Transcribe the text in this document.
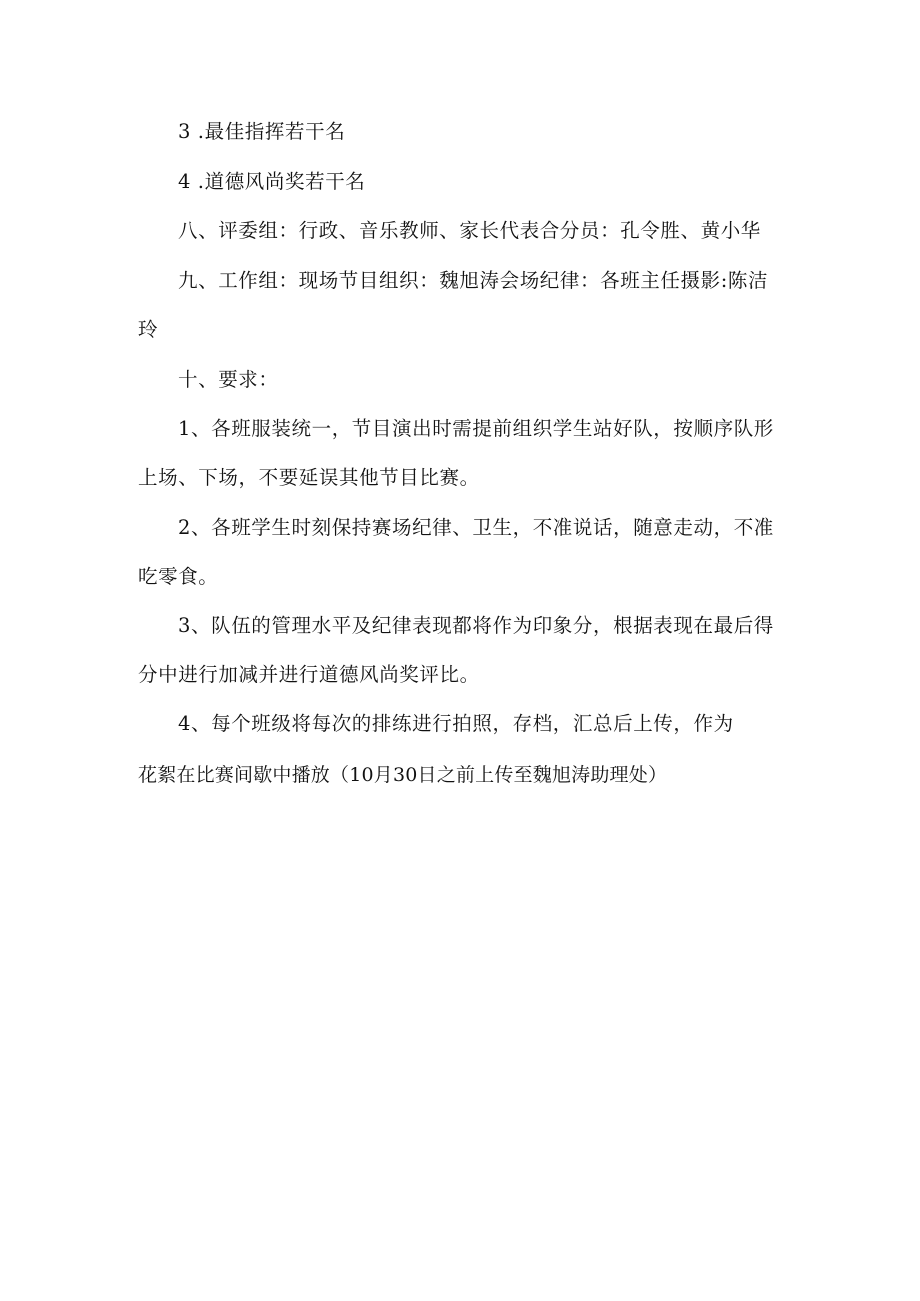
3 .最佳指挥若干名
4 .道德风尚奖若干名
八、评委组：行政、音乐教师、家长代表合分员：孔令胜、黄小华
九、工作组：现场节目组织：魏旭涛会场纪律：各班主任摄影:陈洁
玲
十、要求：
1、各班服装统一，节目演出时需提前组织学生站好队，按顺序队形
上场、下场，不要延误其他节目比赛。
2、各班学生时刻保持赛场纪律、卫生，不准说话，随意走动，不准
吃零食。
3、队伍的管理水平及纪律表现都将作为印象分，根据表现在最后得
分中进行加减并进行道德风尚奖评比。
4、每个班级将每次的排练进行拍照，存档，汇总后上传，作为
花絮在比赛间歇中播放（10月30日之前上传至魏旭涛助理处）
